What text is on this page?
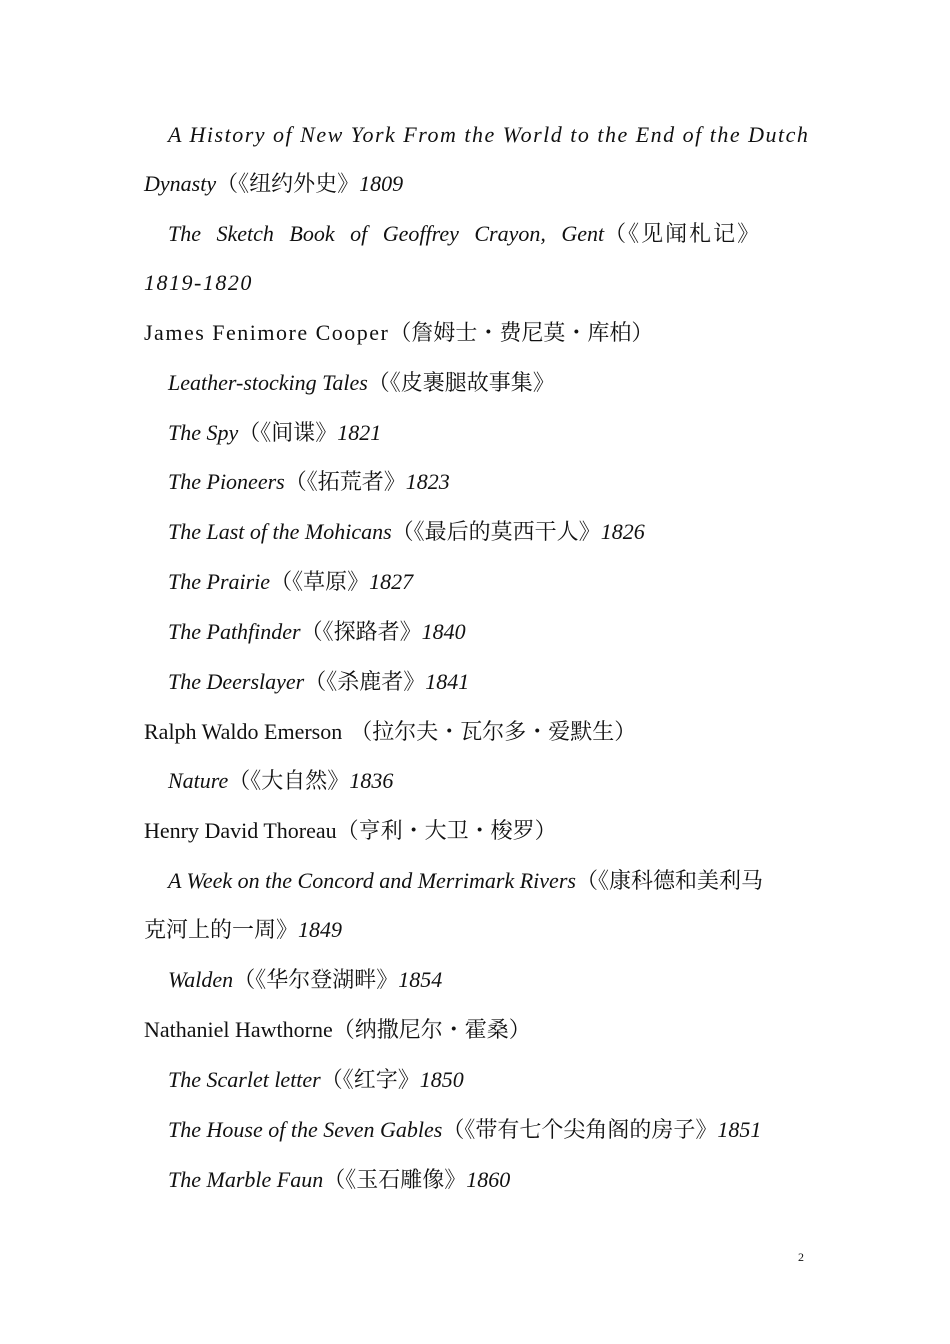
A History of New York From the World to the End of the Dutch
Dynasty（《纽约外史》1809
The Sketch Book of Geoffrey Crayon, Gent（《见闻札记》
1819-1820
James Fenimore Cooper（詹姆士・费尼莫・库柏）
Leather-stocking Tales（《皮裹腿故事集》
The Spy（《间谍》1821
The Pioneers（《拓荒者》1823
The Last of the Mohicans（《最后的莫西干人》1826
The Prairie（《草原》1827
The Pathfinder（《探路者》1840
The Deerslayer（《杀鹿者》1841
Ralph Waldo Emerson （拉尔夫・瓦尔多・爱默生）
Nature（《大自然》1836
Henry David Thoreau（亨利・大卫・梭罗）
A Week on the Concord and Merrimark Rivers（《康科德和美利马
克河上的一周》1849
Walden（《华尔登湖畔》1854
Nathaniel Hawthorne（纳撒尼尔・霍桑）
The Scarlet letter（《红字》1850
The House of the Seven Gables（《带有七个尖角阁的房子》1851
The Marble Faun（《玉石雕像》1860
2
